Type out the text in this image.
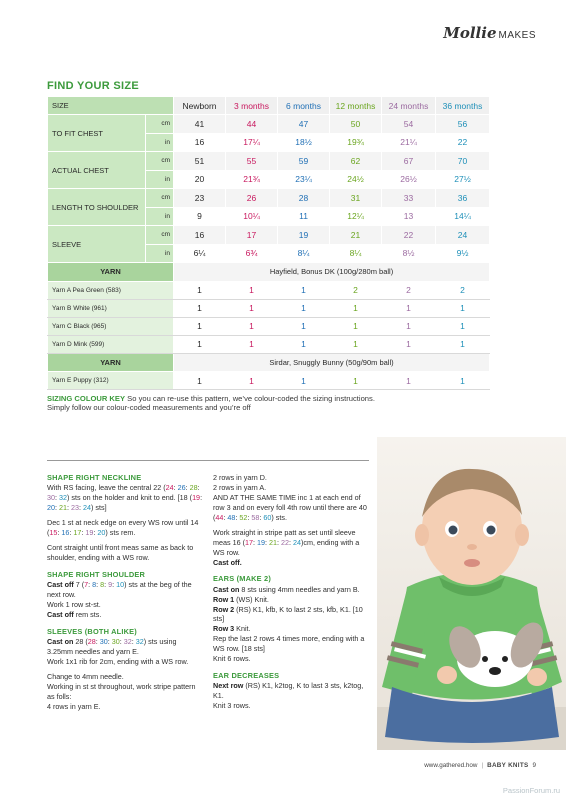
Mollie MAKES
FIND YOUR SIZE
SIZE		Newborn	3 months	6 months	12 months	24 months	36 months
TO FIT CHEST	cm	41	44	47	50	54	56
	in	16	17¼	18½	19¾	21¼	22
ACTUAL CHEST	cm	51	55	59	62	67	70
	in	20	21¾	23¼	24½	26½	27½
LENGTH TO SHOULDER	cm	23	26	28	31	33	36
	in	9	10¼	11	12¼	13	14¼
SLEEVE	cm	16	17	19	21	22	24
	in	6¼	6¾	8¼	8¼	8½	9½
YARN		Hayfield, Bonus DK (100g/280m ball)					
Yarn A Pea Green (583)		1	1	1	2	2	2
Yarn B White (961)		1	1	1	1	1	1
Yarn C Black (965)		1	1	1	1	1	1
Yarn D Mink (599)		1	1	1	1	1	1
YARN		Sirdar, Snuggly Bunny (50g/90m ball)					
Yarn E Puppy (312)		1	1	1	1	1	1
SIZING COLOUR KEY So you can re-use this pattern, we’ve colour-coded the sizing instructions. Simply follow our colour-coded measurements and you’re off
SHAPE RIGHT NECKLINE

With RS facing, leave the central 22 (24: 26: 28: 30: 32) sts on the holder and knit to end. [18 (19: 20: 21: 23: 24) sts]

Dec 1 st at neck edge on every WS row until 14 (15: 16: 17: 19: 20) sts rem.

Cont straight until front meas same as back to shoulder, ending with a WS row.

SHAPE RIGHT SHOULDER

Cast off 7 (7: 8: 8: 9: 10) sts at the beg of the next row.

Work 1 row st-st.

Cast off rem sts.

SLEEVES (BOTH ALIKE)

Cast on 28 (28: 30: 30: 32: 32) sts using 3.25mm needles and yarn E.

Work 1x1 rib for 2cm, ending with a WS row.

Change to 4mm needle.

Working in st st throughout, work stripe pattern as folls:

4 rows in yarn E.

2 rows in yarn D.

2 rows in yarn A.

AND AT THE SAME TIME inc 1 at each end of row 3 and on every foll 4th row until there are 40 (44: 48: 52: 58: 60) sts.

Work straight in stripe patt as set until sleeve meas 16 (17: 19: 21: 22: 24)cm, ending with a WS row.

Cast off.

EARS (MAKE 2)

Cast on 8 sts using 4mm needles and yarn B.

Row 1 (WS) Knit.

Row 2 (RS) K1, kfb, K to last 2 sts, kfb, K1. [10 sts]

Row 3 Knit.

Rep the last 2 rows 4 times more, ending with a WS row. [18 sts]

Knit 6 rows.

EAR DECREASES

Next row (RS) K1, k2tog, K to last 3 sts, k2tog, K1.

Knit 3 rows.

www.gathered.how | BABY KNITS 9
PassionForum.ru
